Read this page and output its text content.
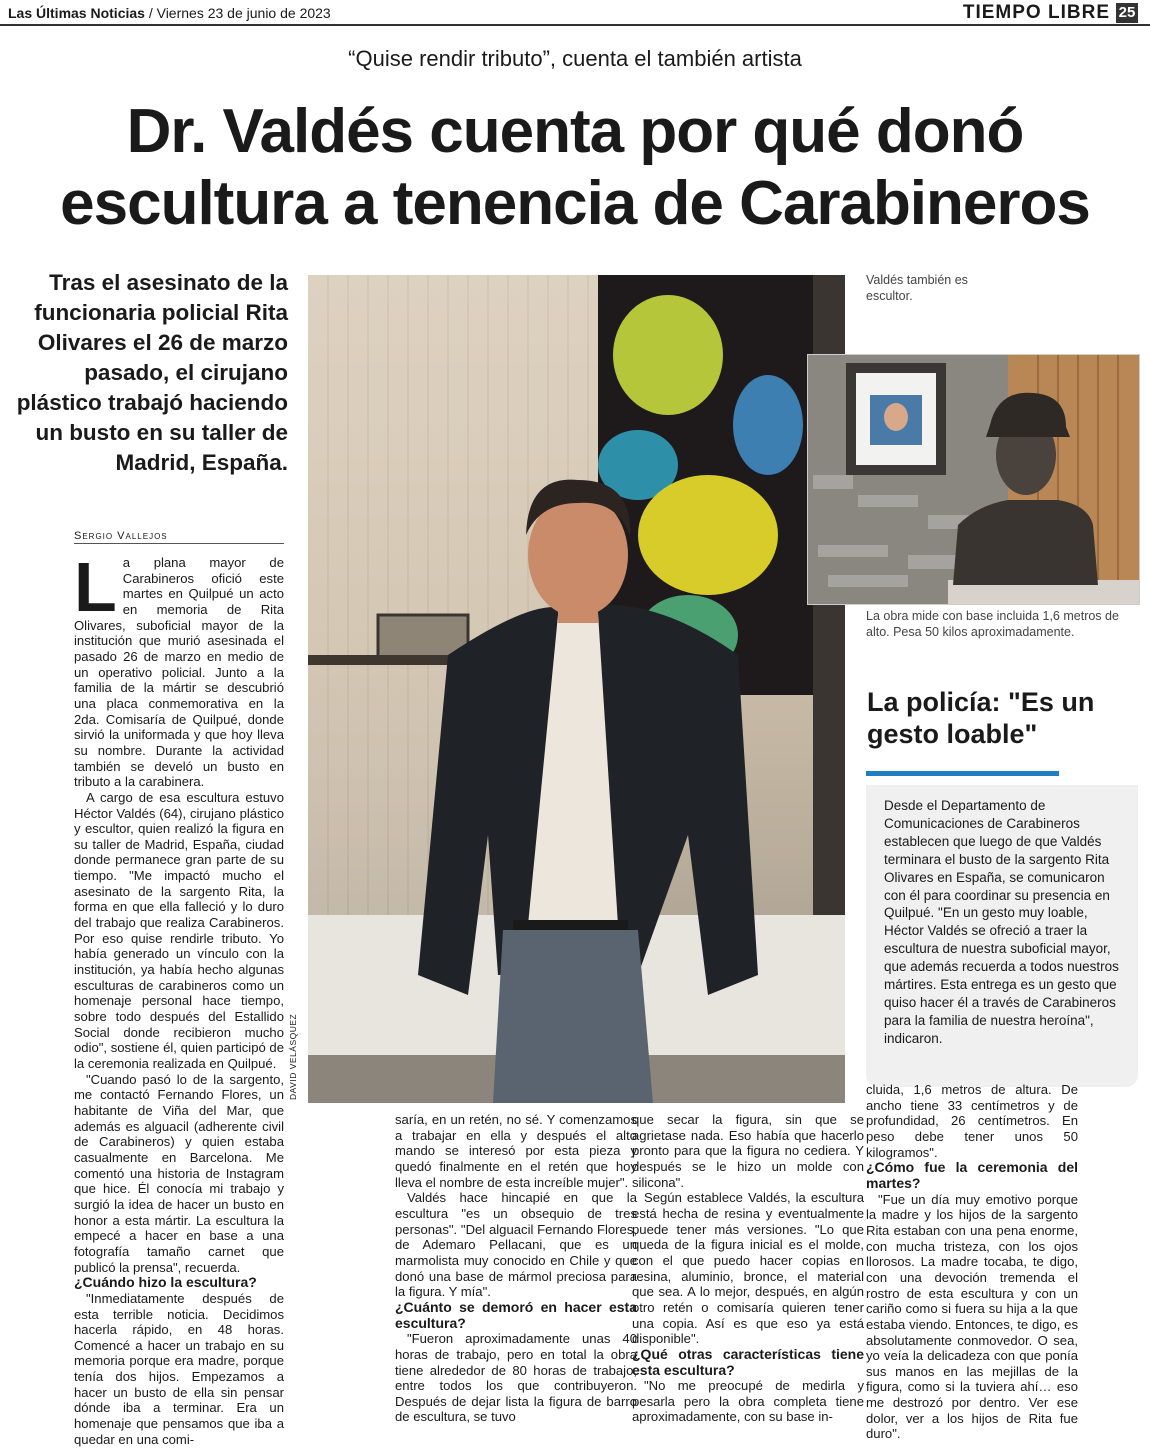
Las Últimas Noticias / Viernes 23 de junio de 2023	TIEMPO LIBRE 25
“Quise rendir tributo”, cuenta el también artista
Dr. Valdés cuenta por qué donó
escultura a tenencia de Carabineros
Tras el asesinato de la funcionaria policial Rita Olivares el 26 de marzo pasado, el cirujano plástico trabajó haciendo un busto en su taller de Madrid, España.
Sergio Vallejos

La plana mayor de Carabineros ofició este martes en Quilpué un acto en memoria de Rita Olivares, suboficial mayor de la institución que murió asesinada el pasado 26 de marzo en medio de un operativo policial. Junto a la familia de la mártir se descubrió una placa conmemorativa en la 2da. Comisaría de Quilpué, donde sirvió la uniformada y que hoy lleva su nombre. Durante la actividad también se develó un busto en tributo a la carabinera.

A cargo de esa escultura estuvo Héctor Valdés (64), cirujano plástico y escultor, quien realizó la figura en su taller de Madrid, España, ciudad donde permanece gran parte de su tiempo. "Me impactó mucho el asesinato de la sargento Rita, la forma en que ella falleció y lo duro del trabajo que realiza Carabineros. Por eso quise rendirle tributo. Yo había generado un vínculo con la institución, ya había hecho algunas esculturas de carabineros como un homenaje personal hace tiempo, sobre todo después del Estallido Social donde recibieron mucho odio", sostiene él, quien participó de la ceremonia realizada en Quilpué.

"Cuando pasó lo de la sargento, me contactó Fernando Flores, un habitante de Viña del Mar, que además es alguacil (adherente civil de Carabineros) y quien estaba casualmente en Barcelona. Me comentó una historia de Instagram que hice. Él conocía mi trabajo y surgió la idea de hacer un busto en honor a esta mártir. La escultura la empecé a hacer en base a una fotografía tamaño carnet que publicó la prensa", recuerda.

¿Cuándo hizo la escultura?

"Inmediatamente después de esta terrible noticia. Decidimos hacerla rápido, en 48 horas. Comencé a hacer un trabajo en su memoria porque era madre, porque tenía dos hijos. Empezamos a hacer un busto de ella sin pensar dónde iba a terminar. Era un homenaje que pensamos que iba a quedar en una comi-

DAVID VELÁSQUEZ
Valdés también es escultor.
La obra mide con base incluida 1,6 metros de alto. Pesa 50 kilos aproximadamente.
La policía: "Es un gesto loable"
Desde el Departamento de Comunicaciones de Carabineros establecen que luego de que Valdés terminara el busto de la sargento Rita Olivares en España, se comunicaron con él para coordinar su presencia en Quilpué. "En un gesto muy loable, Héctor Valdés se ofreció a traer la escultura de nuestra suboficial mayor, que además recuerda a todos nuestros mártires. Esta entrega es un gesto que quiso hacer él a través de Carabineros para la familia de nuestra heroína", indicaron.

saría, en un retén, no sé. Y comenzamos a trabajar en ella y después el alto mando se interesó por esta pieza y quedó finalmente en el retén que hoy lleva el nombre de esta increíble mujer".

Valdés hace hincapié en que la escultura "es un obsequio de tres personas". "Del alguacil Fernando Flores, de Ademaro Pellacani, que es un marmolista muy conocido en Chile y que donó una base de mármol preciosa para la figura. Y mía".

¿Cuánto se demoró en hacer esta escultura?

"Fueron aproximadamente unas 40 horas de trabajo, pero en total la obra tiene alrededor de 80 horas de trabajo, entre todos los que contribuyeron. Después de dejar lista la figura de barro de escultura, se tuvo

que secar la figura, sin que se agrietase nada. Eso había que hacerlo pronto para que la figura no cediera. Y después se le hizo un molde con silicona".

Según establece Valdés, la escultura está hecha de resina y eventualmente puede tener más versiones. "Lo que queda de la figura inicial es el molde, con el que puedo hacer copias en resina, aluminio, bronce, el material que sea. A lo mejor, después, en algún otro retén o comisaría quieren tener una copia. Así es que eso ya está disponible".

¿Qué otras características tiene esta escultura?

"No me preocupé de medirla y pesarla pero la obra completa tiene aproximadamente, con su base in-

cluida, 1,6 metros de altura. De ancho tiene 33 centímetros y de profundidad, 26 centímetros. En peso debe tener unos 50 kilogramos".

¿Cómo fue la ceremonia del martes?

"Fue un día muy emotivo porque la madre y los hijos de la sargento Rita estaban con una pena enorme, con mucha tristeza, con los ojos llorosos. La madre tocaba, te digo, con una devoción tremenda el rostro de esta escultura y con un cariño como si fuera su hija a la que estaba viendo. Entonces, te digo, es absolutamente conmovedor. O sea, yo veía la delicadeza con que ponía sus manos en las mejillas de la figura, como si la tuviera ahí… eso me destrozó por dentro. Ver ese dolor, ver a los hijos de Rita fue duro".
